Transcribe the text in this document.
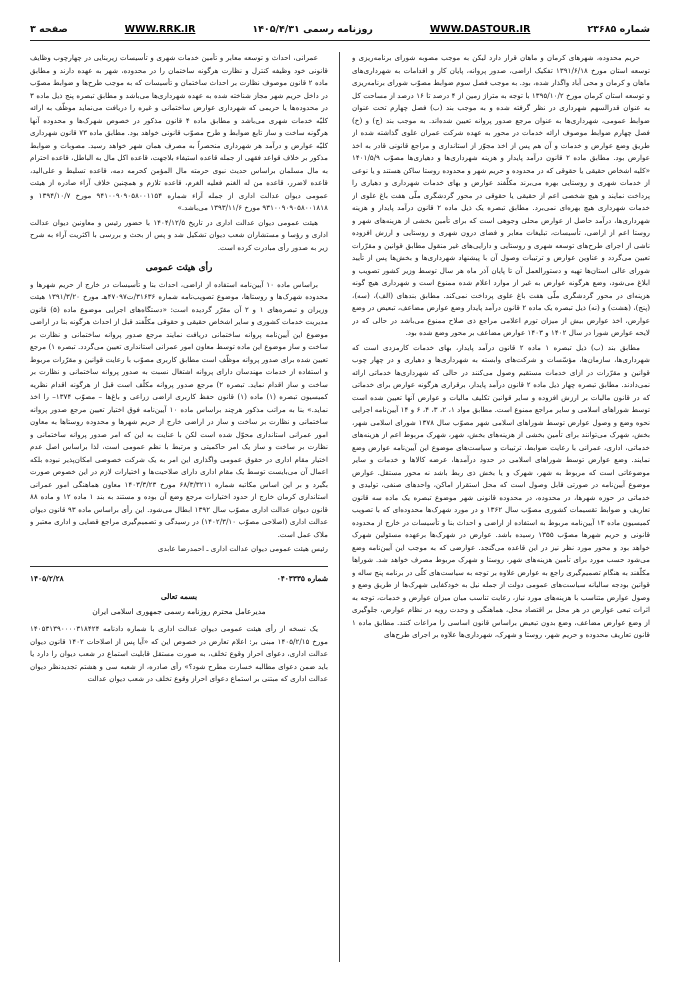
شماره ۲۳۶۸۵
WWW.DASTOUR.IR
روزنامه رسمی ۱۴۰۵/۴/۳۱
WWW.RRK.IR
صفحه ۳

حریم محدوده، شهرهای کرمان و ماهان قرار دارد لیکن به موجب مصوبه شورای برنامه‌ریزی و توسعه استان مورخ ۱۳۹۱/۶/۱۸ تفکیک اراضی، صدور پروانه، پایان کار و اقدامات به شهرداری‌های ماهان و کرمان و محی آباد واگذار شده، بود. به موجب فصل سوم ضوابط مصوّب شورای برنامه‌ریزی و توسعه استان کرمان مورخ ۱۳۹۵/۱۰/۲ با توجه به متراژ زمین از ۴ درصد تا ۱۶ درصد از مساحت کل به عنوان قدرالسهم شهرداری در نظر گرفته شده و به موجب بند (ب) فصل چهارم تحت عنوان ضوابط عمومی، شهرداری‌ها به عنوان مرجع صدور پروانه تعیین شده‌اند. به موجب بند (ج) و (خ) فصل چهارم ضوابط موصوف ارائه خدمات در محور به عهده شرکت عمران علوی گذاشته شده از طریق وضع عوارض و خدمات و آن هم پس از اخذ مجوّز از استانداری و مراجع قانونی قادر به اخذ عوارض بود. مطابق ماده ۲ قانون درآمد پایدار و هزینه شهرداری‌ها و دهیاری‌ها مصوّب ۱۴۰۱/۵/۹ «کلیه اشخاص حقیقی یا حقوقی که در محدوده و حریم شهر و محدوده روستا ساکن هستند و یا نوعی از خدمات شهری و روستایی بهره می‌برند مکلّفند عوارض و بهای خدمات شهرداری و دهیاری را پرداخت نمایند و هیچ شخصی اعم از حقیقی یا حقوقی در محور گردشگری ملّی هفت باغ علوی از خدمات شهرداری هیچ بهره‌ای نمی‌برد. مطابق تبصره یک ذیل ماده ۲ قانون درآمد پایدار و هزینه شهرداری‌ها، درآمد حاصل از عوارض محلی وجوهی است که برای تأمین بخشی از هزینه‌های شهر و روستا اعم از اراضی، تأسیسات، تبلیغات معابر و فضای درون شهری و روستایی و ارزش افزوده ناشی از اجرای طرح‌های توسعه شهری و روستایی و دارایی‌های غیر منقول مطابق قوانین و مقرّرات تعیین می‌گردد و عناوین عوارض و ترتیبات وصول آن با پیشنهاد شهرداری‌ها و بخش‌ها پس از تأیید شورای عالی استان‌ها تهیه و دستورالعمل آن تا پایان آذر ماه هر سال توسط وزیر کشور تصویب و ابلاغ می‌شود، وضع هرگونه عوارض به غیر از موارد اعلام شده ممنوع است و شهرداری هیچ گونه هزینه‌ای در محور گردشگری ملّی هفت باغ علوی پرداخت نمی‌کند. مطابق بندهای (الف)، (سه)، (پنج)، (هشت) و (نه) ذیل تبصره یک ماده ۲ قانون درآمد پایدار وضع عوارض مضاعف، تبعیض در وضع عوارض، اخذ عوارض بیش از میزان تورم اعلامی مراجع ذی صلاح ممنوع می‌باشد در حالی که در لایحه عوارض شورا در سال ۱۴۰۲ و ۱۴۰۳ عوارض مضاعف بر محور وضع شده بود.

مطابق بند (ب) ذیل تبصره ۱ ماده ۲ قانون درآمد پایدار، بهای خدمات کارمزدی است که شهرداری‌ها، سازمان‌ها، مؤسّسات و شرکت‌های وابسته به شهرداری‌ها و دهیاری و در چهار چوب قوانین و مقرّرات در ازای خدمات مستقیم وصول می‌کنند در حالی که شهرداری‌ها خدماتی ارائه نمی‌دادند. مطابق تبصره چهار ذیل ماده ۲ قانون درآمد پایدار، برقراری هرگونه عوارض برای خدماتی که در قانون مالیات بر ارزش افزوده و سایر قوانین تکلیف مالیات و عوارض آنها تعیین شده است توسط شوراهای اسلامی و سایر مراجع ممنوع است. مطابق مواد ۱، ۲، ۳، ۴، ۶ و ۱۴ آیین‌نامه اجرایی نحوه وضع و وصول عوارض توسط شوراهای اسلامی شهر مصوّب سال ۱۳۷۸ شورای اسلامی شهر، بخش، شهرک می‌توانند برای تأمین بخشی از هزینه‌های بخش، شهر، شهرک مربوط اعم از هزینه‌های خدماتی، اداری، عمرانی با رعایت ضوابط، ترتیبات و سیاست‌های موضوع این آیین‌نامه عوارض وضع نمایند. وضع عوارض توسط شوراهای اسلامی در حدود درآمدها، عرضه کالاها و خدمات و سایر موضوعاتی است که مربوط به شهر، شهرک و یا بخش ذی ربط باشد نه محور مستقل. عوارض موضوع آیین‌نامه در صورتی قابل وصول است که محل استقرار اماکن، واحدهای صنفی، تولیدی و خدماتی در حوزه شهرها، در محدوده، در محدوده قانونی شهر موضوع تبصره یک ماده سه قانون تعاریف و ضوابط تقسیمات کشوری مصوّب سال ۱۳۶۲ و در مورد شهرک‌ها محدوده‌ای که با تصویب کمیسیون ماده ۱۳ آیین‌نامه مربوط به استفاده از اراضی و احداث بنا و تأسیسات در خارج از محدوده قانونی و حریم شهرها مصوّب ۱۳۵۵ رسیده باشد. عوارض در شهرک‌ها برعهده مسئولین شهرک خواهد بود و محور مورد نظر نیز در این قاعده می‌گنجد. عوارضی که به موجب این آیین‌نامه وضع می‌شود حسب مورد برای تأمین هزینه‌های شهر، روستا و شهرک مربوط مصرف خواهد شد. شوراها مکلّفند به هنگام تصمیم‌گیری راجع به عوارض علاوه بر توجه به سیاست‌های کلّی در برنامه پنج ساله و قوانین بودجه سالیانه سیاست‌های عمومی دولت از جمله نیل به خودکفایی شهرک‌ها از طریق وضع و وصول عوارض متناسب با هزینه‌های مورد نیاز، رعایت تناسب میان میزان عوارض و خدمات، توجه به اثرات تبعی عوارض در هر محل بر اقتصاد محل، هماهنگی و وحدت رویه در نظام عوارض، جلوگیری از وضع عوارض مضاعف، وضع بدون تبعیض براساس قانون اساسی را مراعات کنند. مطابق ماده ۱ قانون تعاریف محدوده و حریم شهر، روستا و شهرک، شهرداری‌ها علاوه بر اجرای طرح‌های

عمرانی، احداث و توسعه معابر و تأمین خدمات شهری و تأسیسات زیربنایی در چهارچوب وظایف قانونی خود وظیفه کنترل و نظارت هرگونه ساختمان را در محدوده، شهر به عهده دارند و مطابق ماده ۲ قانون موصوف نظارت بر احداث ساختمان و تأسیسات که به موجب طرح‌ها و ضوابط مصوّب در داخل حریم شهر مجاز شناخته شده به عهده شهرداری‌ها می‌باشد و مطابق تبصره پنج ذیل ماده ۳ در محدوده‌ها یا حریمی که شهرداری عوارض ساختمانی و غیره را دریافت می‌نماید موظّف به ارائه کلیّه خدمات شهری می‌باشد و مطابق ماده ۴ قانون مذکور در خصوص شهرک‌ها و محدوده آنها هرگونه ساخت و ساز تابع ضوابط و طرح مصوّب قانونی خواهد بود. مطابق ماده ۷۳ قانون شهرداری کلیّه عوارض و درآمد هر شهرداری منحصراً به مصرف همان شهر خواهد رسید. مصوبات و ضوابط مذکور بر خلاف قواعد فقهی از جمله قاعده استیفاء بلاجهت، قاعده اکل مال به الباطل، قاعده احترام به مال مسلمان براساس حدیث نبوی حرمته مال المؤمن کحرمه دمه، قاعده تسلیط و علی‌الید، قاعده لاضرر، قاعده من له الغنم فعلیه الغرم، قاعده تلازم و همچنین خلاف آراء صادره از هیئت عمومی دیوان عدالت اداری از جمله آراء شماره ۹۴۱۰۰۹۰۹۰۵۸۰۰۱۱۵۴ مورخ ۱۳۹۴/۱۰/۷ و ۹۳۱۰۰۹۰۹۰۵۸۰۰۱۸۱۸ مورخ ۱۳۹۳/۱۱/۶ می‌باشد.»

هیئت عمومی دیوان عدالت اداری در تاریخ ۱۴۰۴/۱۲/۵ با حضور رئیس و معاونین دیوان عدالت اداری و رؤسا و مستشاران شعب دیوان تشکیل شد و پس از بحث و بررسی با اکثریت آراء به شرح زیر به صدور رأی مبادرت کرده است.

رأی هیئت عمومی

براساس ماده ۱۰ آیین‌نامه استفاده از اراضی، احداث بنا و تأسیسات در خارج از حریم شهرها و محدوده شهرک‌ها و روستاها، موضوع تصویب‌نامه شماره ۳۱۶۳۶/ت۴۷۰۹۷هـ مورخ ۱۳۹۱/۳/۲۰ هیئت وزیران و تبصره‌های ۱ و ۲ آن مقرّر گردیده است: «دستگاه‌های اجرایی موضوع ماده (۵) قانون مدیریت خدمات کشوری و سایر اشخاص حقیقی و حقوقی مکلّفند قبل از احداث هرگونه بنا در اراضی موضوع این آیین‌نامه پروانه ساختمانی دریافت نمایند مرجع صدور پروانه ساختمانی و نظارت بر ساخت و ساز موضوع این ماده توسط معاون امور عمرانی استانداری تعیین می‌گردد. تبصره ۱) مرجع تعیین شده برای صدور پروانه موظّف است مطابق کاربری مصوّب با رعایت قوانین و مقرّرات مربوط و استفاده از خدمات مهندسان دارای پروانه اشتغال نسبت به صدور پروانه ساختمانی و نظارت بر ساخت و ساز اقدام نماید. تبصره ۲) مرجع صدور پروانه مکلّف است قبل از هرگونه اقدام نظریه کمیسیون تبصره (۱) ماده (۱) قانون حفظ کاربری اراضی زراعی و باغ‌ها – مصوّب ۱۳۷۴– را اخذ نماید.» بنا به مراتب مذکور هرچند براساس ماده ۱۰ آیین‌نامه فوق اختیار تعیین مرجع صدور پروانه ساختمانی و نظارت بر ساخت و ساز در اراضی خارج از حریم شهرها و محدوده روستاها به معاون امور عمرانی استانداری محوّل شده است لکن با عنایت به این که امر صدور پروانه ساختمانی و نظارت بر ساخت و ساز یک امر حاکمیتی و مرتبط با نظم عمومی است، لذا براساس اصل عدم اختیار مقام اداری در حقوق عمومی واگذاری این امر به یک شرکت خصوصی امکان‌پذیر نبوده بلکه اعمال آن می‌بایست توسط یک مقام اداری دارای صلاحیت‌ها و اختیارات لازم در این خصوص صورت بگیرد و بر این اساس مکاتبه شماره ۶۸/۳/۳۲۱۱ مورخ ۱۴۰۳/۳/۲۳ معاون هماهنگی امور عمرانی استانداری کرمان خارج از حدود اختیارات مرجع وضع آن بوده و مستند به بند ۱ ماده ۱۲ و ماده ۸۸ قانون دیوان عدالت اداری مصوّب سال ۱۳۹۲ ابطال می‌شود. این رأی براساس ماده ۹۳ قانون دیوان عدالت اداری (اصلاحی مصوّب ۱۴۰۲/۳/۱۰) در رسیدگی و تصمیم‌گیری مراجع قضایی و اداری معتبر و ملاک عمل است.

رئیس هیئت عمومی دیوان عدالت اداری ـ احمدرضا عابدی
شماره ۰۴۰۳۳۳۵
۱۴۰۵/۲/۲۸
بسمه تعالی
مدیرعامل محترم روزنامه رسمی جمهوری اسلامی ایران

یک نسخه از رأی هیئت عمومی دیوان عدالت اداری با شماره دادنامه ۱۴۰۵۳۱۳۹۰۰۰۰۳۱۸۴۲۴ مورخ ۱۴۰۵/۲/۱۵ مبنی بر: اعلام تعارض در خصوص این که «آیا پس از اصلاحات ۱۴۰۲ قانون دیوان عدالت اداری، دعوای احراز وقوع تخلف، به صورت مستقل قابلیت استماع در شعب دیوان را دارد یا باید ضمن دعوای مطالبه خسارت مطرح شود؟» رأی صادره، از شعبه سی و هشتم تجدیدنظر دیوان عدالت اداری که مبتنی بر استماع دعوای احراز وقوع تخلف در شعب دیوان عدالت
